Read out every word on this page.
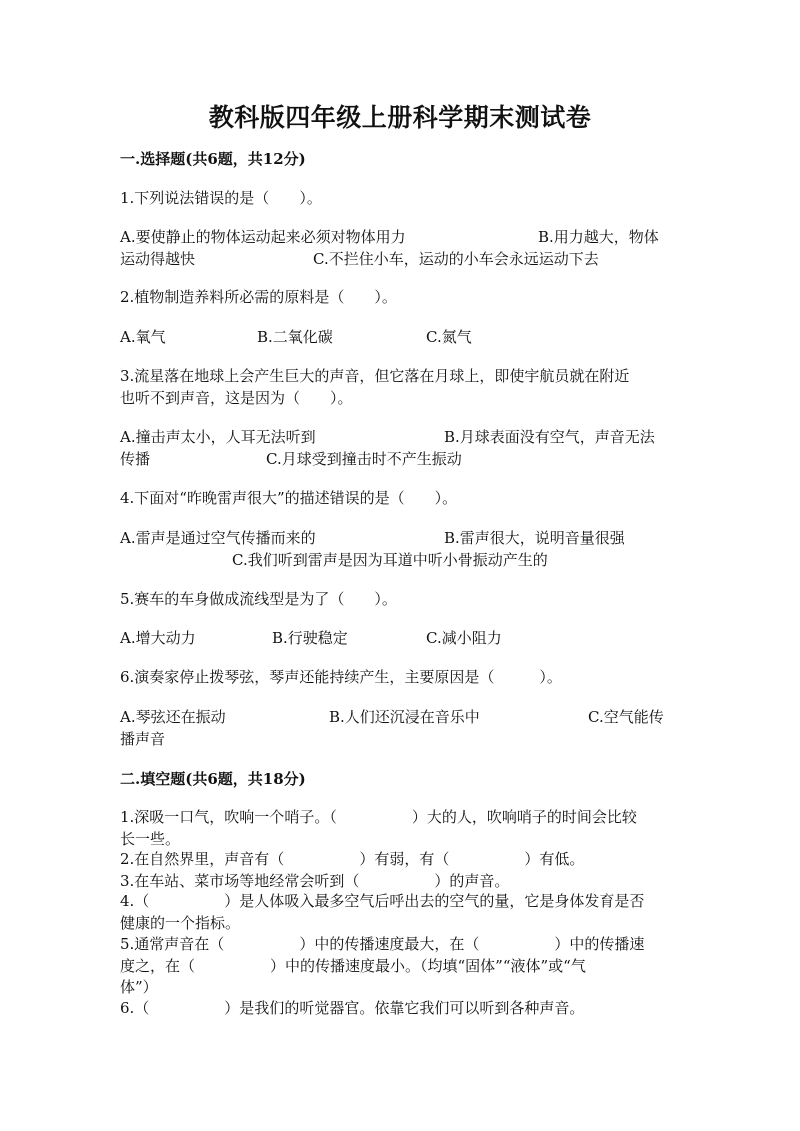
教科版四年级上册科学期末测试卷
一.选择题(共6题，共12分)
1.下列说法错误的是（　　）。
A.要使静止的物体运动起来必须对物体用力	B.用力越大，物体
运动得越快	C.不拦住小车，运动的小车会永远运动下去
2.植物制造养料所必需的原料是（　　）。
A.氧气	B.二氧化碳	C.氮气
3.流星落在地球上会产生巨大的声音，但它落在月球上，即使宇航员就在附近
也听不到声音，这是因为（　　）。
A.撞击声太小，人耳无法听到	B.月球表面没有空气，声音无法
传播	C.月球受到撞击时不产生振动
4.下面对“昨晚雷声很大”的描述错误的是（　　）。
A.雷声是通过空气传播而来的	B.雷声很大，说明音量很强
C.我们听到雷声是因为耳道中听小骨振动产生的
5.赛车的车身做成流线型是为了（　　）。
A.增大动力	B.行驶稳定	C.减小阻力
6.演奏家停止拨琴弦，琴声还能持续产生，主要原因是（　　　）。
A.琴弦还在振动	B.人们还沉浸在音乐中	C.空气能传
播声音
二.填空题(共6题，共18分)
1.深吸一口气，吹响一个哨子。（　　　　　）大的人，吹响哨子的时间会比较
长一些。
2.在自然界里，声音有（　　　　　）有弱，有（　　　　　）有低。
3.在车站、菜市场等地经常会听到（　　　　　）的声音。
4.（　　　　　）是人体吸入最多空气后呼出去的空气的量，它是身体发育是否
健康的一个指标。
5.通常声音在（　　　　　）中的传播速度最大，在（　　　　　）中的传播速
度之，在（　　　　　）中的传播速度最小。（均填“固体”“液体”或“气
体”）
6.（　　　　　）是我们的听觉器官。依靠它我们可以听到各种声音。
